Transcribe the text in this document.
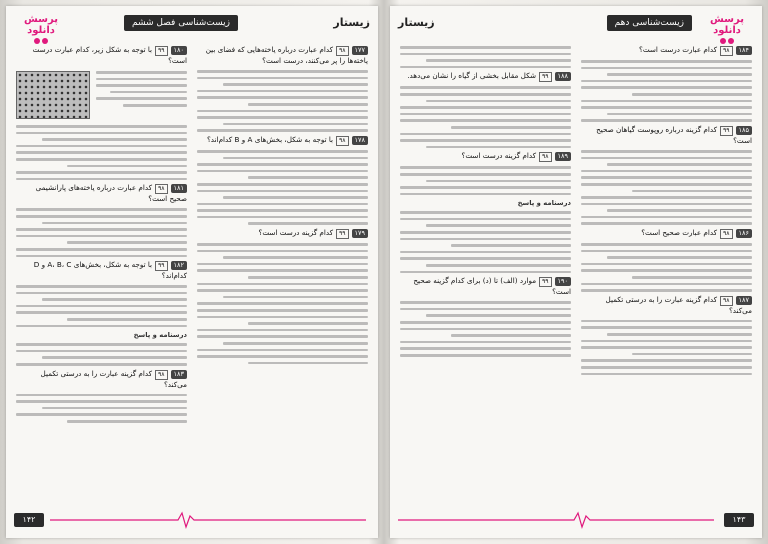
پرسش دانلود

زیست‌شناسی فصل ششم	زیستار
۱۷۷۹۸کدام عبارت درباره یاخته‌هایی که فضای بین یاخته‌ها را پر می‌کنند، درست است؟
۱۷۸۹۸با توجه به شکل، بخش‌های A و B کدام‌اند؟
۱۷۹۹۹کدام گزینه درست است؟
۱۸۰۹۹با توجه به شکل زیر، کدام عبارت درست است؟
۱۸۱۹۸کدام عبارت درباره یاخته‌های پارانشیمی صحیح است؟
۱۸۲۹۹با توجه به شکل، بخش‌های A، B، C و D کدام‌اند؟
درسنامه و پاسخ
۱۸۳۹۸کدام گزینه عبارت را به درستی تکمیل می‌کند؟
۱۴۲
زیستار	زیست‌شناسی دهم	پرسش دانلود

۱۸۴۹۸کدام عبارت درست است؟
۱۸۵۹۹کدام گزینه درباره روپوست گیاهان صحیح است؟
۱۸۶۹۸کدام عبارت صحیح است؟
۱۸۷۹۸کدام گزینه عبارت را به درستی تکمیل می‌کند؟
۱۸۸۹۹شکل مقابل بخشی از گیاه را نشان می‌دهد.
۱۸۹۹۸کدام گزینه درست است؟
درسنامه و پاسخ
۱۹۰۹۹موارد (الف) تا (د) برای کدام گزینه صحیح است؟
۱۴۳
